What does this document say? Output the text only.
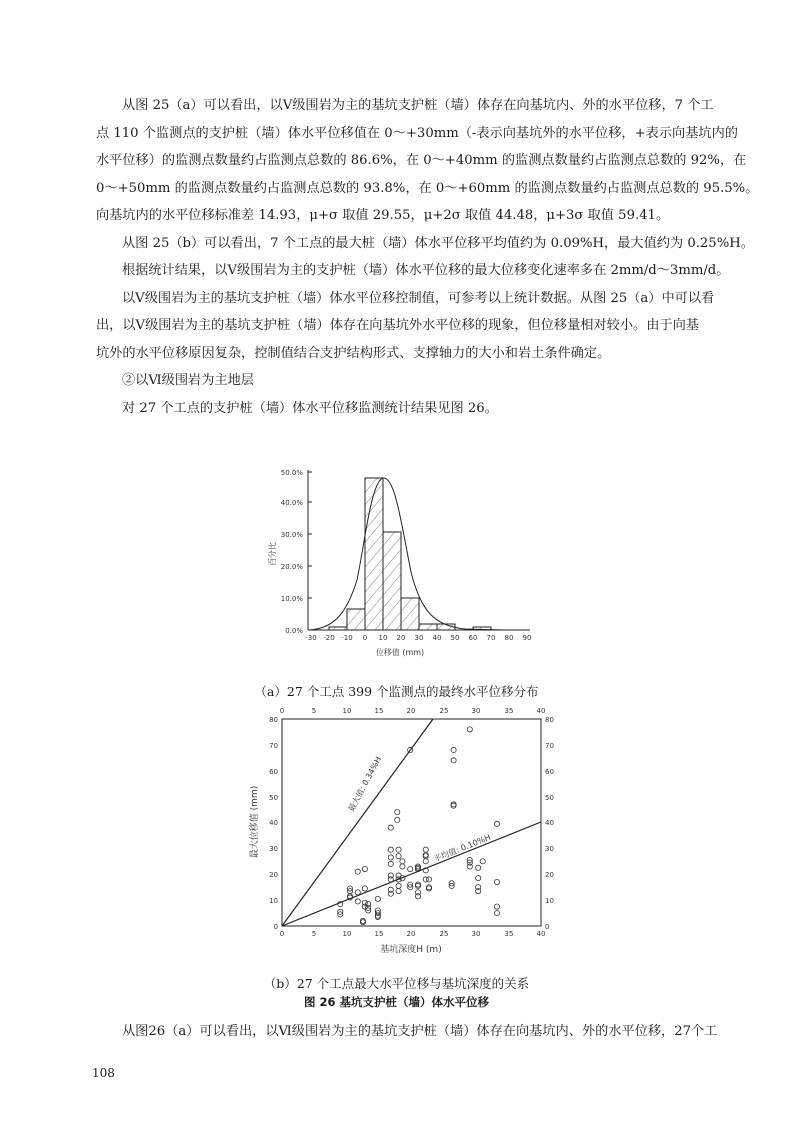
从图 25（a）可以看出，以Ⅴ级围岩为主的基坑支护桩（墙）体存在向基坑内、外的水平位移，7 个工
点 110 个监测点的支护桩（墙）体水平位移值在 0～+30mm（-表示向基坑外的水平位移，+表示向基坑内的
水平位移）的监测点数量约占监测点总数的 86.6%，在 0～+40mm 的监测点数量约占监测点总数的 92%，在
0～+50mm 的监测点数量约占监测点总数的 93.8%，在 0～+60mm 的监测点数量约占监测点总数的 95.5%。
向基坑内的水平位移标准差 14.93，μ+σ 取值 29.55，μ+2σ 取值 44.48，μ+3σ 取值 59.41。
从图 25（b）可以看出，7 个工点的最大桩（墙）体水平位移平均值约为 0.09%H，最大值约为 0.25%H。
根据统计结果，以Ⅴ级围岩为主的支护桩（墙）体水平位移的最大位移变化速率多在 2mm/d～3mm/d。
以Ⅴ级围岩为主的基坑支护桩（墙）体水平位移控制值，可参考以上统计数据。从图 25（a）中可以看
出，以Ⅴ级围岩为主的基坑支护桩（墙）体存在向基坑外水平位移的现象，但位移量相对较小。由于向基
坑外的水平位移原因复杂，控制值结合支护结构形式、支撑轴力的大小和岩土条件确定。
②以Ⅵ级围岩为主地层
对 27 个工点的支护桩（墙）体水平位移监测统计结果见图 26。
0.0%
10.0%
20.0%
30.0%
40.0%
50.0%
-30 -20 -10 0 10 20 30 40 50 60 70 80 90
位移值 (mm)
百分比
（a）27 个工点 399 个监测点的最终水平位移分布
0	5	10	15	20	25	30	35	40
0	5	10	15	20	25	30	35	40
0
10
20
30
40
50
60
70
80
0
10
20
30
40
50
60
70
80
基坑深度H (m)
最大位移值 (mm)
最大值: 0.34%H
平均值: 0.10%H
（b）27 个工点最大水平位移与基坑深度的关系
图 26 基坑支护桩（墙）体水平位移
从图26（a）可以看出，以Ⅵ级围岩为主的基坑支护桩（墙）体存在向基坑内、外的水平位移，27个工
108
